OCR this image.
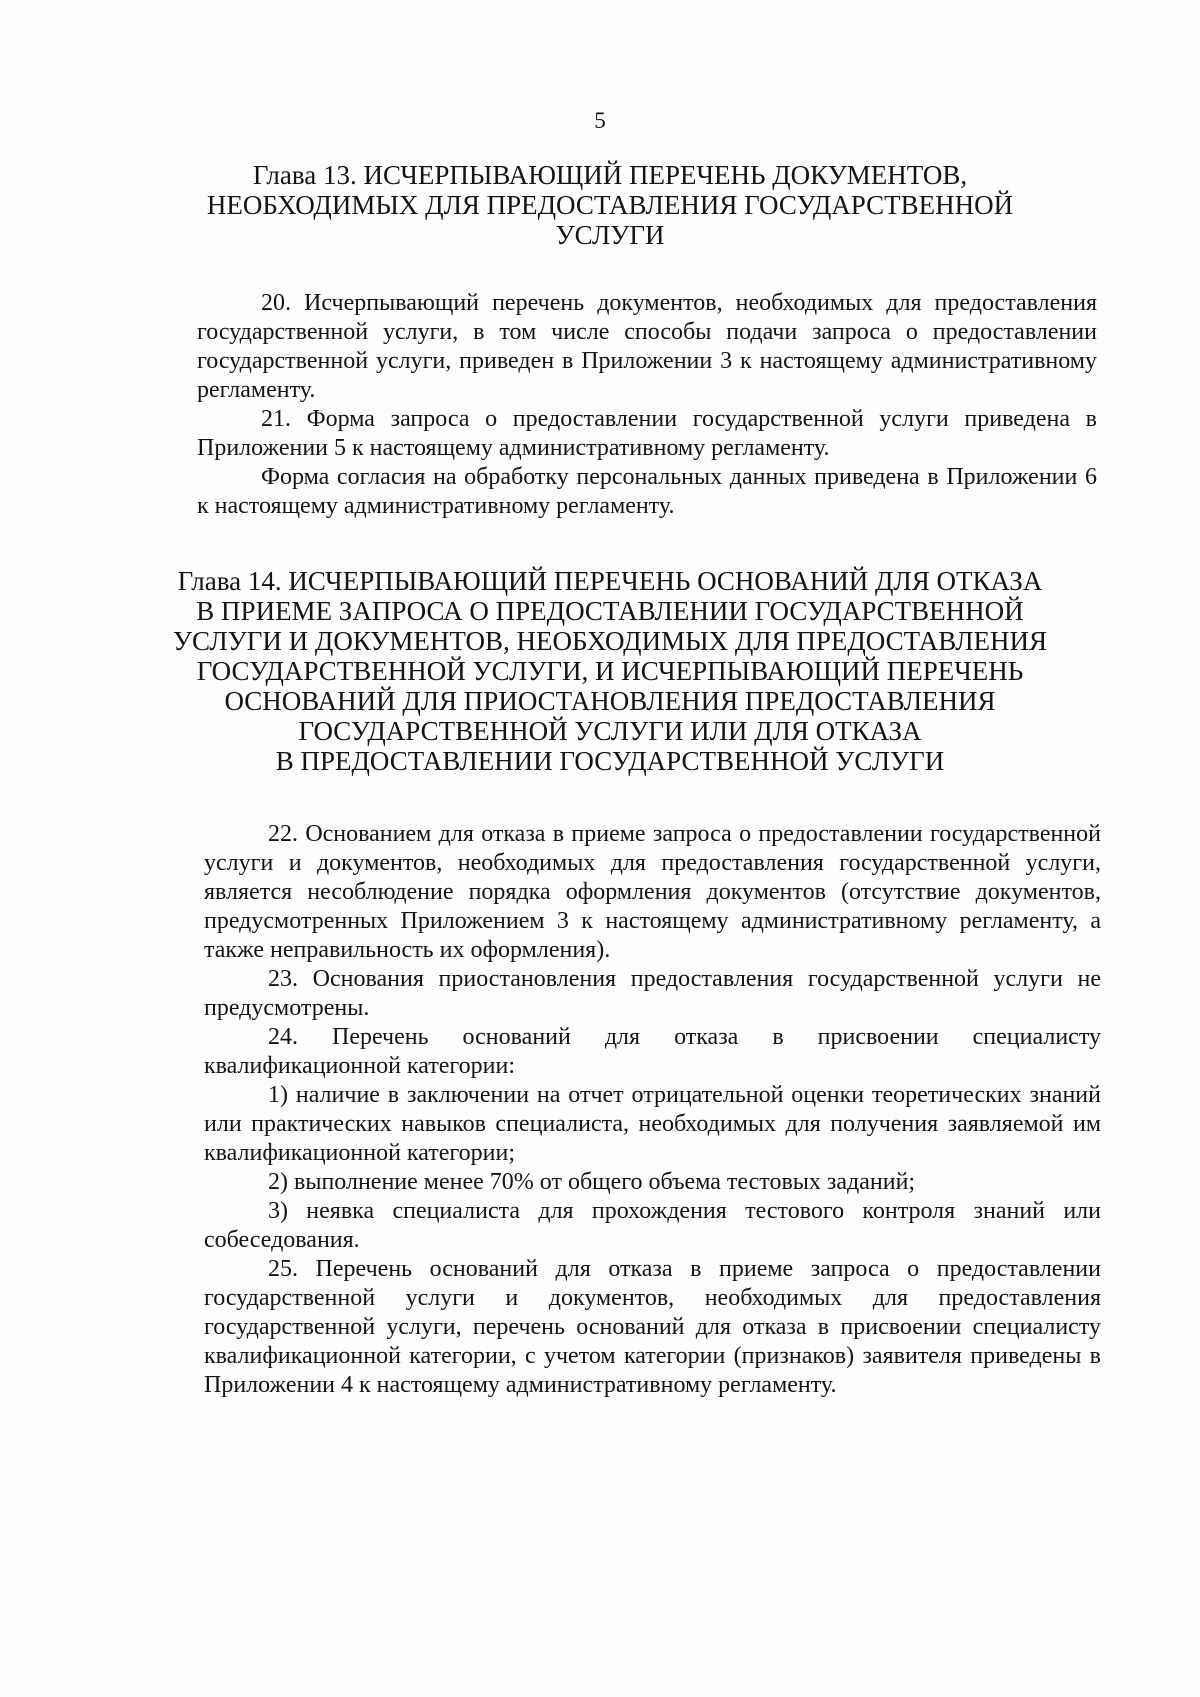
5
Глава 13. ИСЧЕРПЫВАЮЩИЙ ПЕРЕЧЕНЬ ДОКУМЕНТОВ,
НЕОБХОДИМЫХ ДЛЯ ПРЕДОСТАВЛЕНИЯ ГОСУДАРСТВЕННОЙ
УСЛУГИ

20. Исчерпывающий перечень документов, необходимых для предоставления государственной услуги, в том числе способы подачи запроса о предоставлении государственной услуги, приведен в Приложении 3 к настоящему административному регламенту.

21. Форма запроса о предоставлении государственной услуги приведена в Приложении 5 к настоящему административному регламенту.

Форма согласия на обработку персональных данных приведена в Приложении 6 к настоящему административному регламенту.

Глава 14. ИСЧЕРПЫВАЮЩИЙ ПЕРЕЧЕНЬ ОСНОВАНИЙ ДЛЯ ОТКАЗА
В ПРИЕМЕ ЗАПРОСА О ПРЕДОСТАВЛЕНИИ ГОСУДАРСТВЕННОЙ
УСЛУГИ И ДОКУМЕНТОВ, НЕОБХОДИМЫХ ДЛЯ ПРЕДОСТАВЛЕНИЯ
ГОСУДАРСТВЕННОЙ УСЛУГИ, И ИСЧЕРПЫВАЮЩИЙ ПЕРЕЧЕНЬ
ОСНОВАНИЙ ДЛЯ ПРИОСТАНОВЛЕНИЯ ПРЕДОСТАВЛЕНИЯ
ГОСУДАРСТВЕННОЙ УСЛУГИ ИЛИ ДЛЯ ОТКАЗА
В ПРЕДОСТАВЛЕНИИ ГОСУДАРСТВЕННОЙ УСЛУГИ

22. Основанием для отказа в приеме запроса о предоставлении государственной услуги и документов, необходимых для предоставления государственной услуги, является несоблюдение порядка оформления документов (отсутствие документов, предусмотренных Приложением 3 к настоящему административному регламенту, а также неправильность их оформления).

23. Основания приостановления предоставления государственной услуги не предусмотрены.

24. Перечень оснований для отказа в присвоении специалисту квалификационной категории:

1) наличие в заключении на отчет отрицательной оценки теоретических знаний или практических навыков специалиста, необходимых для получения заявляемой им квалификационной категории;

2) выполнение менее 70% от общего объема тестовых заданий;

3) неявка специалиста для прохождения тестового контроля знаний или собеседования.

25. Перечень оснований для отказа в приеме запроса о предоставлении государственной услуги и документов, необходимых для предоставления государственной услуги, перечень оснований для отказа в присвоении специалисту квалификационной категории, с учетом категории (признаков) заявителя приведены в Приложении 4 к настоящему административному регламенту.
